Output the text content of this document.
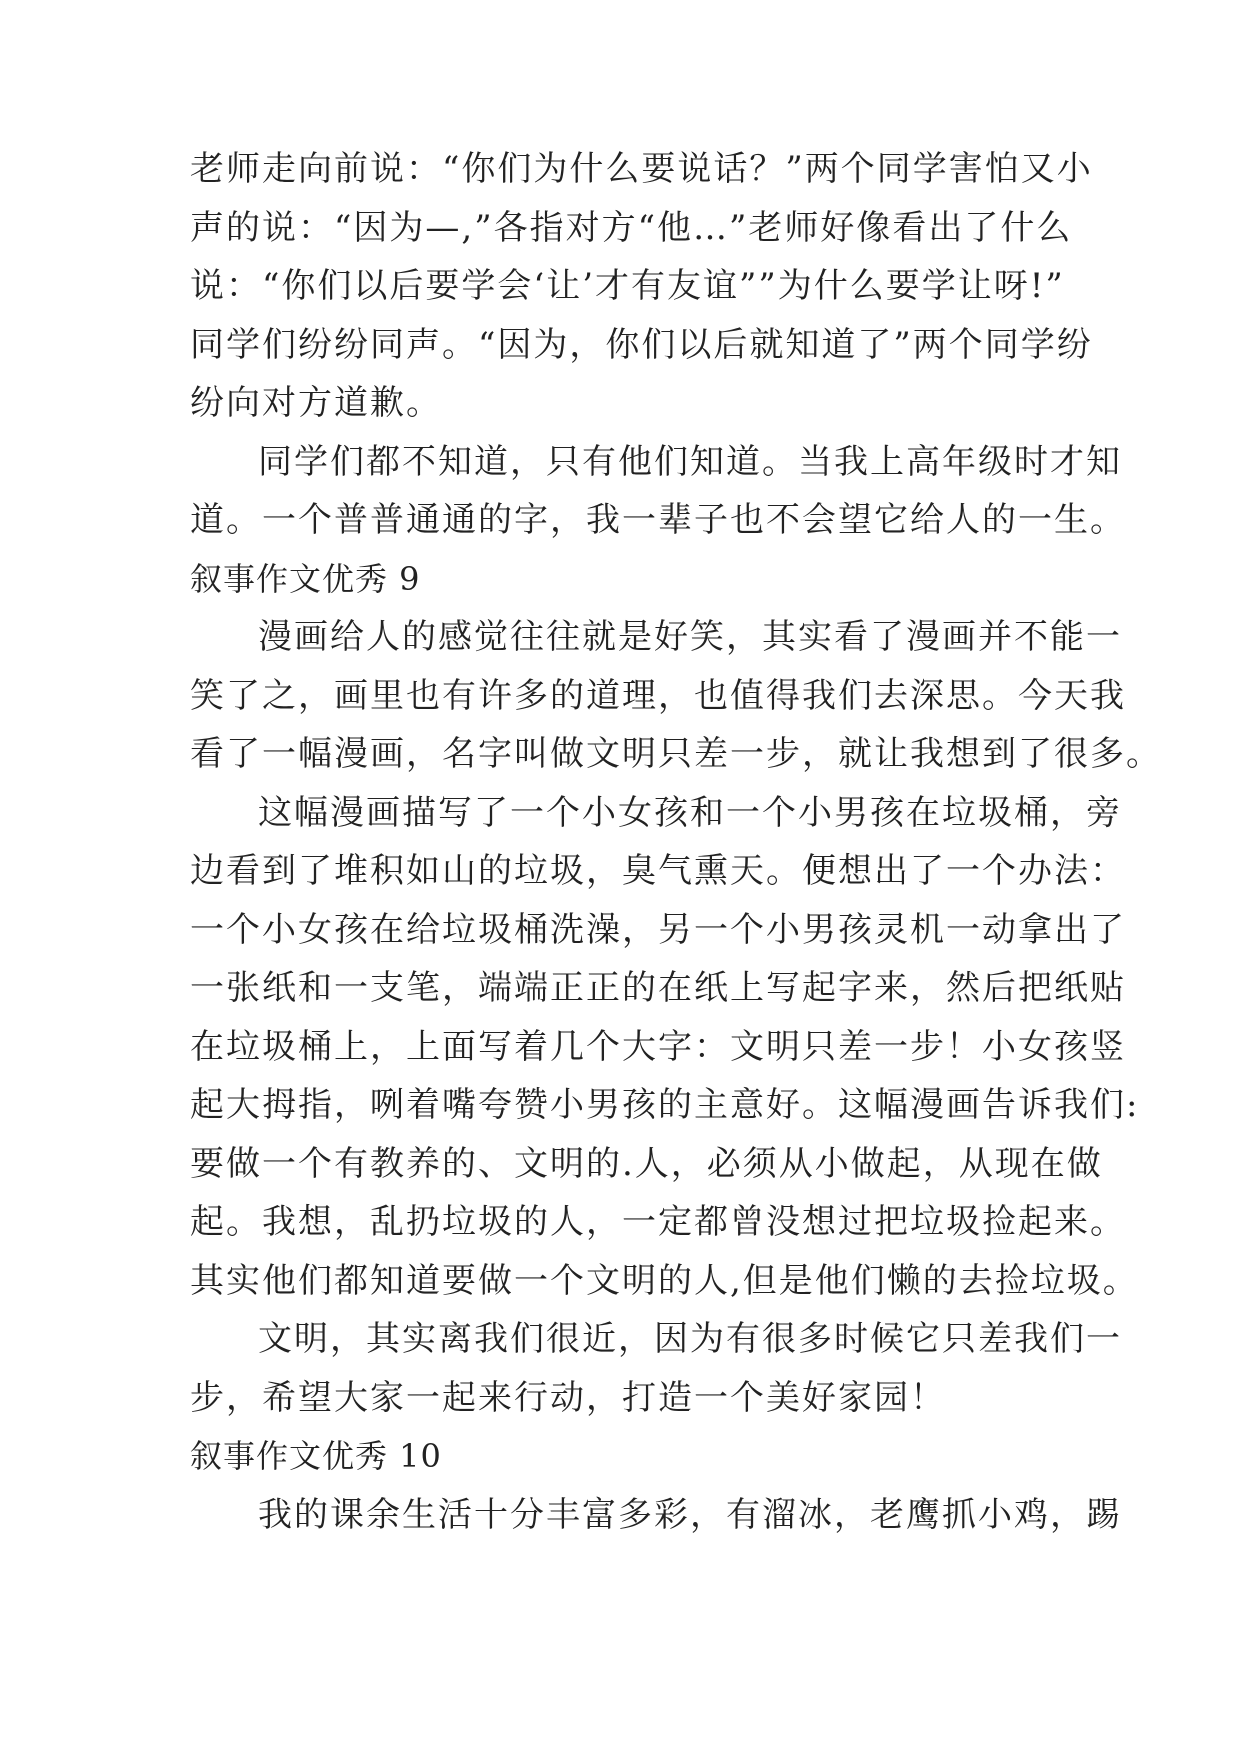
老师走向前说：“你们为什么要说话？”两个同学害怕又小
声的说：“因为—,”各指对方“他…”老师好像看出了什么
说：“你们以后要学会‘让’才有友谊””为什么要学让呀!”
同学们纷纷同声。“因为，你们以后就知道了”两个同学纷
纷向对方道歉。
同学们都不知道，只有他们知道。当我上高年级时才知
道。一个普普通通的字，我一辈子也不会望它给人的一生。
叙事作文优秀 9
漫画给人的感觉往往就是好笑，其实看了漫画并不能一
笑了之，画里也有许多的道理，也值得我们去深思。今天我
看了一幅漫画，名字叫做文明只差一步，就让我想到了很多。
这幅漫画描写了一个小女孩和一个小男孩在垃圾桶，旁
边看到了堆积如山的垃圾，臭气熏天。便想出了一个办法：
一个小女孩在给垃圾桶洗澡，另一个小男孩灵机一动拿出了
一张纸和一支笔，端端正正的在纸上写起字来，然后把纸贴
在垃圾桶上，上面写着几个大字：文明只差一步！小女孩竖
起大拇指，咧着嘴夸赞小男孩的主意好。这幅漫画告诉我们:
要做一个有教养的、文明的.人，必须从小做起，从现在做
起。我想，乱扔垃圾的人，一定都曾没想过把垃圾捡起来。
其实他们都知道要做一个文明的人,但是他们懒的去捡垃圾。
文明，其实离我们很近，因为有很多时候它只差我们一
步，希望大家一起来行动，打造一个美好家园！
叙事作文优秀 10
我的课余生活十分丰富多彩，有溜冰，老鹰抓小鸡，踢
